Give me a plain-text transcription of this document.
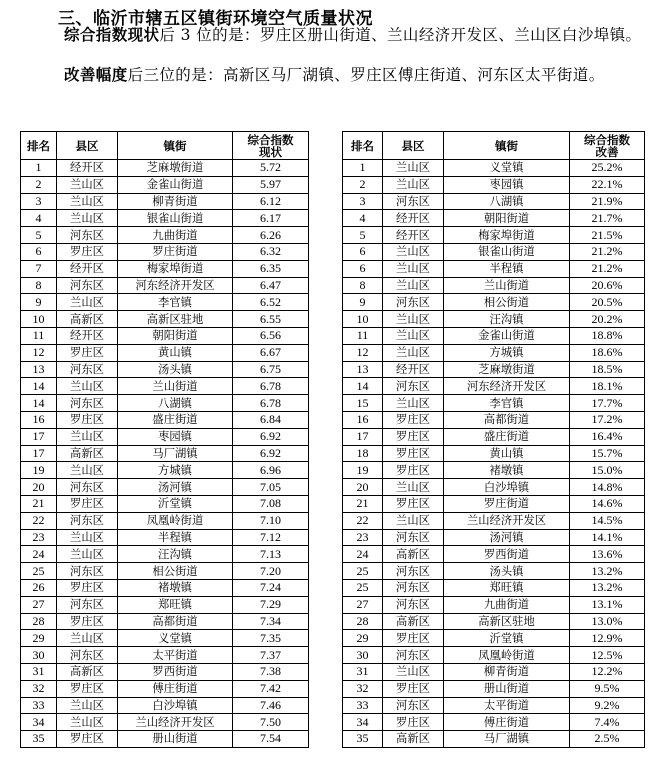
三、临沂市辖五区镇街环境空气质量状况
综合指数现状后 3 位的是：罗庄区册山街道、兰山经济开发区、兰山区白沙埠镇。
改善幅度后三位的是：高新区马厂湖镇、罗庄区傅庄街道、河东区太平街道。
排名	县区	镇街	综合指数
现状
1	经开区	芝麻墩街道	5.72
2	兰山区	金雀山街道	5.97
3	兰山区	柳青街道	6.12
4	兰山区	银雀山街道	6.17
5	河东区	九曲街道	6.26
6	罗庄区	罗庄街道	6.32
7	经开区	梅家埠街道	6.35
8	河东区	河东经济开发区	6.47
9	兰山区	李官镇	6.52
10	高新区	高新区驻地	6.55
11	经开区	朝阳街道	6.56
12	罗庄区	黄山镇	6.67
13	河东区	汤头镇	6.75
14	兰山区	兰山街道	6.78
14	河东区	八湖镇	6.78
16	罗庄区	盛庄街道	6.84
17	兰山区	枣园镇	6.92
17	高新区	马厂湖镇	6.92
19	兰山区	方城镇	6.96
20	河东区	汤河镇	7.05
21	罗庄区	沂堂镇	7.08
22	河东区	凤凰岭街道	7.10
23	兰山区	半程镇	7.12
24	兰山区	汪沟镇	7.13
25	河东区	相公街道	7.20
26	罗庄区	褚墩镇	7.24
27	河东区	郑旺镇	7.29
28	罗庄区	高都街道	7.34
29	兰山区	义堂镇	7.35
30	河东区	太平街道	7.37
31	高新区	罗西街道	7.38
32	罗庄区	傅庄街道	7.42
33	兰山区	白沙埠镇	7.46
34	兰山区	兰山经济开发区	7.50
35	罗庄区	册山街道	7.54
排名	县区	镇街	综合指数
改善
1	兰山区	义堂镇	25.2%
2	兰山区	枣园镇	22.1%
3	河东区	八湖镇	21.9%
4	经开区	朝阳街道	21.7%
5	经开区	梅家埠街道	21.5%
6	兰山区	银雀山街道	21.2%
6	兰山区	半程镇	21.2%
8	兰山区	兰山街道	20.6%
9	河东区	相公街道	20.5%
10	兰山区	汪沟镇	20.2%
11	兰山区	金雀山街道	18.8%
12	兰山区	方城镇	18.6%
13	经开区	芝麻墩街道	18.5%
14	河东区	河东经济开发区	18.1%
15	兰山区	李官镇	17.7%
16	罗庄区	高都街道	17.2%
17	罗庄区	盛庄街道	16.4%
18	罗庄区	黄山镇	15.7%
19	罗庄区	褚墩镇	15.0%
20	兰山区	白沙埠镇	14.8%
21	罗庄区	罗庄街道	14.6%
22	兰山区	兰山经济开发区	14.5%
23	河东区	汤河镇	14.1%
24	高新区	罗西街道	13.6%
25	河东区	汤头镇	13.2%
25	河东区	郑旺镇	13.2%
27	河东区	九曲街道	13.1%
28	高新区	高新区驻地	13.0%
29	罗庄区	沂堂镇	12.9%
30	河东区	凤凰岭街道	12.5%
31	兰山区	柳青街道	12.2%
32	罗庄区	册山街道	9.5%
33	河东区	太平街道	9.2%
34	罗庄区	傅庄街道	7.4%
35	高新区	马厂湖镇	2.5%
